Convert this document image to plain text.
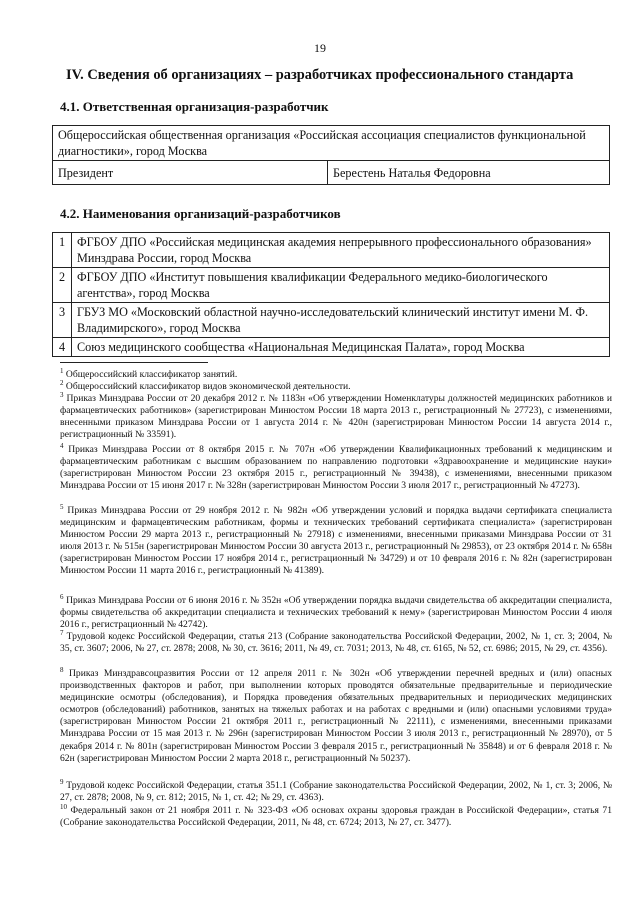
19
IV. Сведения об организациях – разработчиках профессионального стандарта
4.1. Ответственная организация-разработчик
Общероссийская общественная организация «Российская ассоциация специалистов функциональной диагностики», город Москва
Президент	Берестень Наталья Федоровна
4.2. Наименования организаций-разработчиков
1	ФГБОУ ДПО «Российская медицинская академия непрерывного профессионального образования» Минздрава России, город Москва
2	ФГБОУ ДПО «Институт повышения квалификации Федерального медико-биологического агентства», город Москва
3	ГБУЗ МО «Московский областной научно-исследовательский клинический институт имени М. Ф. Владимирского», город Москва
4	Союз медицинского сообщества «Национальная Медицинская Палата», город Москва
$^1$ Общероссийский классификатор занятий.
$^2$ Общероссийский классификатор видов экономической деятельности.
$^3$ Приказ Минздрава России от 20 декабря 2012 г. № 1183н «Об утверждении Номенклатуры должностей медицинских работников и фармацевтических работников» (зарегистрирован Минюстом России 18 марта 2013 г., регистрационный № 27723), с изменениями, внесенными приказом Минздрава России от 1 августа 2014 г. № 420н (зарегистрирован Минюстом России 14 августа 2014 г., регистрационный № 33591).
$^4$ Приказ Минздрава России от 8 октября 2015 г. № 707н «Об утверждении Квалификационных требований к медицинским и фармацевтическим работникам с высшим образованием по направлению подготовки «Здравоохранение и медицинские науки» (зарегистрирован Минюстом России 23 октября 2015 г., регистрационный № 39438), с изменениями, внесенными приказом Минздрава России от 15 июня 2017 г. № 328н (зарегистрирован Минюстом России 3 июля 2017 г., регистрационный № 47273).
$^5$ Приказ Минздрава России от 29 ноября 2012 г. № 982н «Об утверждении условий и порядка выдачи сертификата специалиста медицинским и фармацевтическим работникам, формы и технических требований сертификата специалиста» (зарегистрирован Минюстом России 29 марта 2013 г., регистрационный № 27918) с изменениями, внесенными приказами Минздрава России от 31 июля 2013 г. № 515н (зарегистрирован Минюстом России 30 августа 2013 г., регистрационный № 29853), от 23 октября 2014 г. № 658н (зарегистрирован Минюстом России 17 ноября 2014 г., регистрационный № 34729) и от 10 февраля 2016 г. № 82н (зарегистрирован Минюстом России 11 марта 2016 г., регистрационный № 41389).
$^6$ Приказ Минздрава России от 6 июня 2016 г. № 352н «Об утверждении порядка выдачи свидетельства об аккредитации специалиста, формы свидетельства об аккредитации специалиста и технических требований к нему» (зарегистрирован Минюстом России 4 июля 2016 г., регистрационный № 42742).
$^7$ Трудовой кодекс Российской Федерации, статья 213 (Собрание законодательства Российской Федерации, 2002, № 1, ст. 3; 2004, № 35, ст. 3607; 2006, № 27, ст. 2878; 2008, № 30, ст. 3616; 2011, № 49, ст. 7031; 2013, № 48, ст. 6165, № 52, ст. 6986; 2015, № 29, ст. 4356).
$^8$ Приказ Минздравсоцразвития России от 12 апреля 2011 г. № 302н «Об утверждении перечней вредных и (или) опасных производственных факторов и работ, при выполнении которых проводятся обязательные предварительные и периодические медицинские осмотры (обследования), и Порядка проведения обязательных предварительных и периодических медицинских осмотров (обследований) работников, занятых на тяжелых работах и на работах с вредными и (или) опасными условиями труда» (зарегистрирован Минюстом России 21 октября 2011 г., регистрационный № 22111), с изменениями, внесенными приказами Минздрава России от 15 мая 2013 г. № 296н (зарегистрирован Минюстом России 3 июля 2013 г., регистрационный № 28970), от 5 декабря 2014 г. № 801н (зарегистрирован Минюстом России 3 февраля 2015 г., регистрационный № 35848) и от 6 февраля 2018 г. № 62н (зарегистрирован Минюстом России 2 марта 2018 г., регистрационный № 50237).
$^9$ Трудовой кодекс Российской Федерации, статья 351.1 (Собрание законодательства Российской Федерации, 2002, № 1, ст. 3; 2006, № 27, ст. 2878; 2008, № 9, ст. 812; 2015, № 1, ст. 42; № 29, ст. 4363).
$^{10}$ Федеральный закон от 21 ноября 2011 г. № 323-ФЗ «Об основах охраны здоровья граждан в Российской Федерации», статья 71 (Собрание законодательства Российской Федерации, 2011, № 48, ст. 6724; 2013, № 27, ст. 3477).
